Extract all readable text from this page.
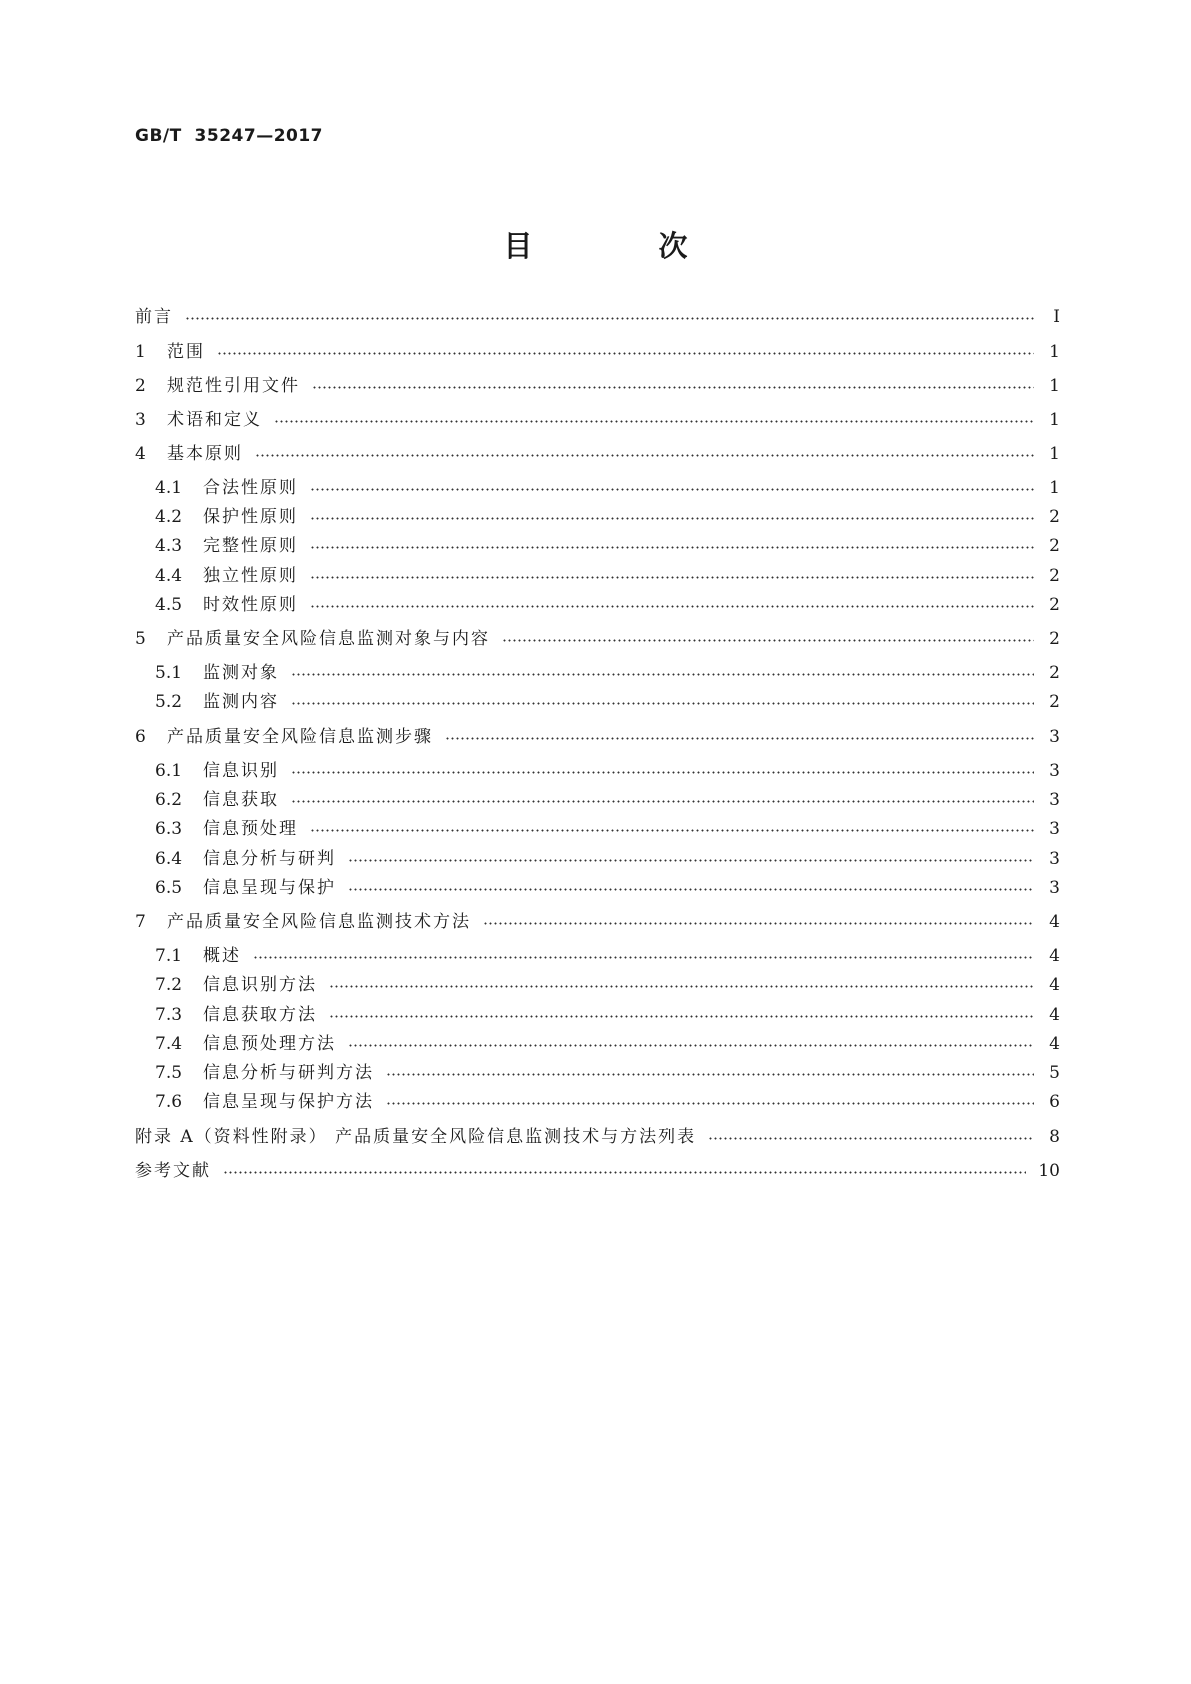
GB/T  35247—2017
目 次
前言	Ⅰ
1	范围	1
2	规范性引用文件	1
3	术语和定义	1
4	基本原则	1
4.1	合法性原则	1
4.2	保护性原则	2
4.3	完整性原则	2
4.4	独立性原则	2
4.5	时效性原则	2
5	产品质量安全风险信息监测对象与内容	2
5.1	监测对象	2
5.2	监测内容	2
6	产品质量安全风险信息监测步骤	3
6.1	信息识别	3
6.2	信息获取	3
6.3	信息预处理	3
6.4	信息分析与研判	3
6.5	信息呈现与保护	3
7	产品质量安全风险信息监测技术方法	4
7.1	概述	4
7.2	信息识别方法	4
7.3	信息获取方法	4
7.4	信息预处理方法	4
7.5	信息分析与研判方法	5
7.6	信息呈现与保护方法	6
附录 A（资料性附录） 产品质量安全风险信息监测技术与方法列表	8
参考文献	10
